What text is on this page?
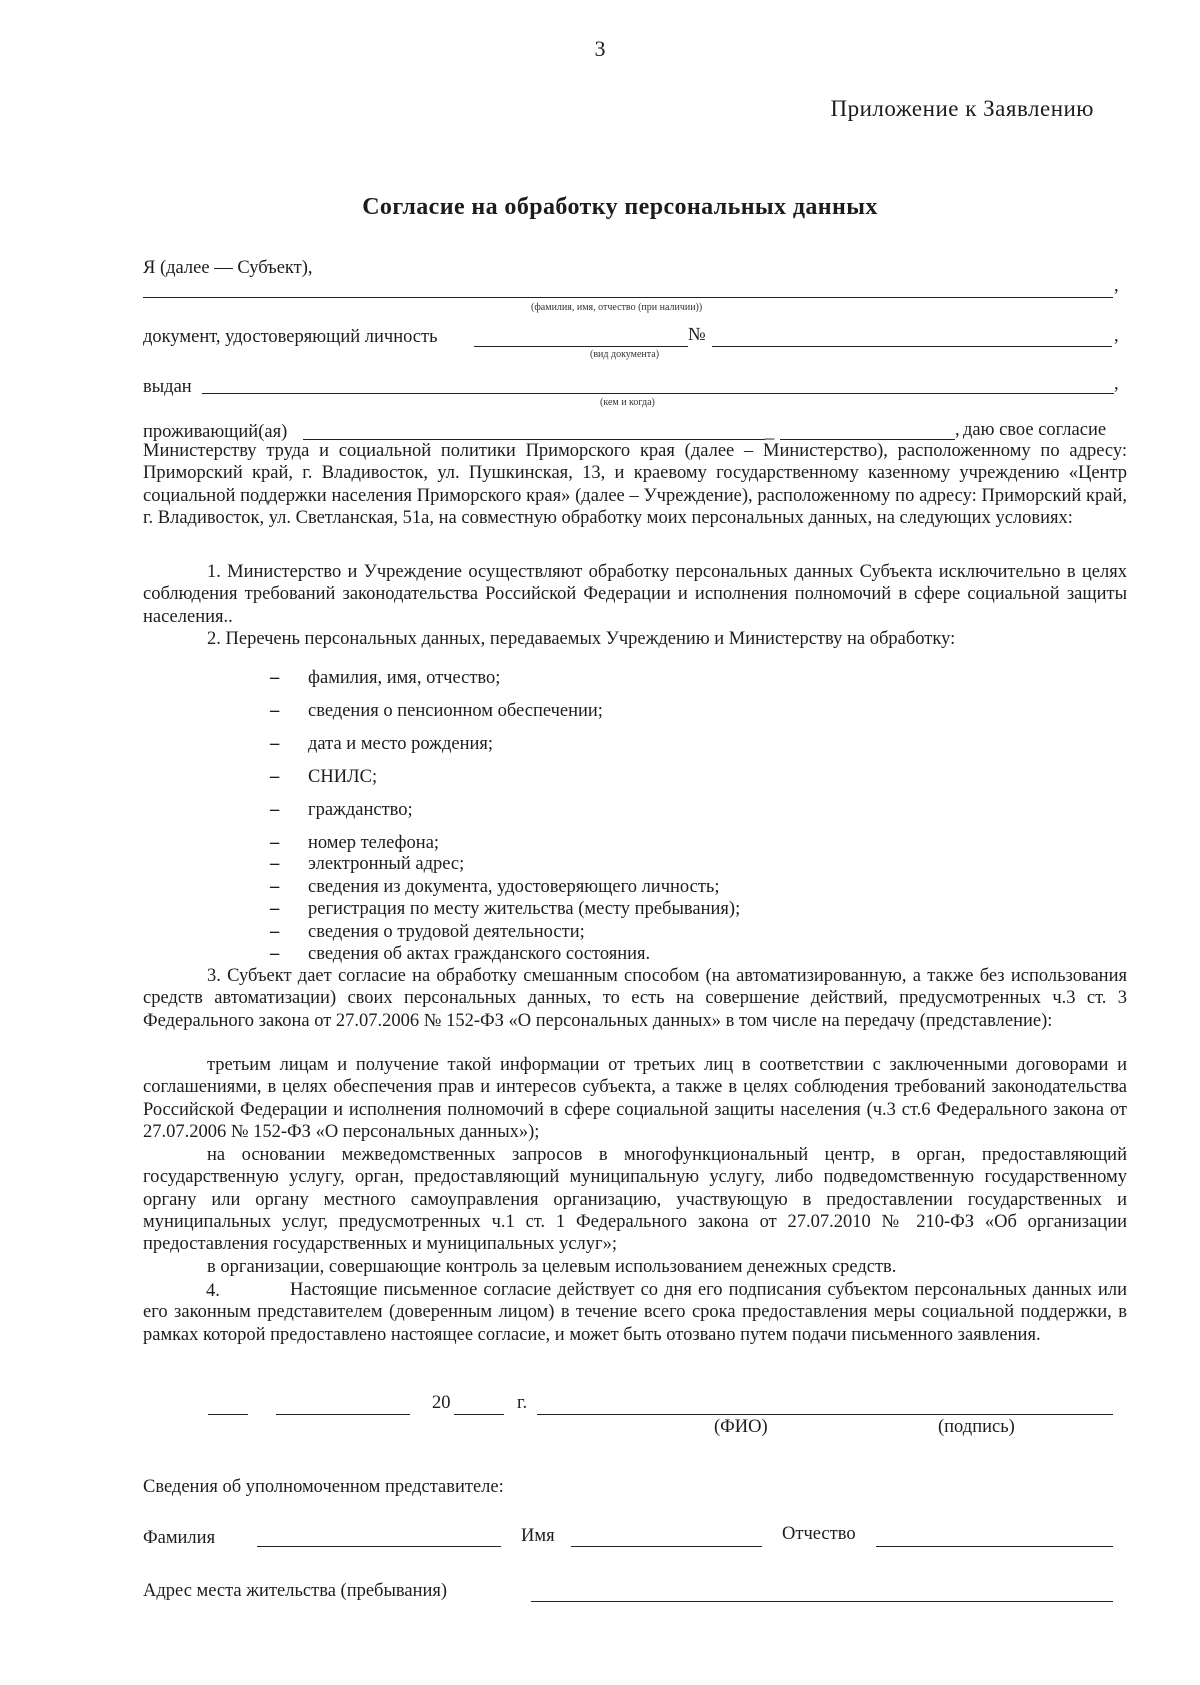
3
Приложение к Заявлению
Согласие на обработку персональных данных
Я (далее — Субъект),
,
(фамилия, имя, отчество (при наличии))
документ, удостоверяющий личность	№	,
(вид документа)
выдан	,
(кем и когда)
проживающий(ая)	_	, даю свое согласие
Министерству труда и социальной политики Приморского края (далее – Министерство), расположенному по адресу: Приморский край, г. Владивосток, ул. Пушкинская, 13, и краевому государственному казенному учреждению «Центр социальной поддержки населения Приморского края» (далее – Учреждение), расположенному по адресу: Приморский край, г. Владивосток, ул. Светланская, 51а, на совместную обработку моих персональных данных, на следующих условиях:
1. Министерство и Учреждение осуществляют обработку персональных данных Субъекта исключительно в целях соблюдения требований законодательства Российской Федерации и исполнения полномочий в сфере социальной защиты населения..
2. Перечень персональных данных, передаваемых Учреждению и Министерству на обработку:
– фамилия, имя, отчество;
– сведения о пенсионном обеспечении;
– дата и место рождения;
– СНИЛС;
– гражданство;
– номер телефона;
– электронный адрес;
– сведения из документа, удостоверяющего личность;
– регистрация по месту жительства (месту пребывания);
– сведения о трудовой деятельности;
– сведения об актах гражданского состояния.
3. Субъект дает согласие на обработку смешанным способом (на автоматизированную, а также без использования средств автоматизации) своих персональных данных, то есть на совершение действий, предусмотренных ч.3 ст. 3 Федерального закона от 27.07.2006 № 152-ФЗ «О персональных данных» в том числе на передачу (представление):
третьим лицам и получение такой информации от третьих лиц в соответствии с заключенными договорами и соглашениями, в целях обеспечения прав и интересов субъекта, а также в целях соблюдения требований законодательства Российской Федерации и исполнения полномочий в сфере социальной защиты населения (ч.3 ст.6 Федерального закона от 27.07.2006 № 152-ФЗ «О персональных данных»);
на основании межведомственных запросов в многофункциональный центр, в орган, предоставляющий государственную услугу, орган, предоставляющий муниципальную услугу, либо подведомственную государственному органу или органу местного самоуправления организацию, участвующую в предоставлении государственных и муниципальных услуг, предусмотренных ч.1 ст. 1 Федерального закона от 27.07.2010 № 210-ФЗ «Об организации предоставления государственных и муниципальных услуг»;
в организации, совершающие контроль за целевым использованием денежных средств.
4.	Настоящие письменное согласие действует со дня его подписания субъектом персональных данных или его законным представителем (доверенным лицом) в течение всего срока предоставления меры социальной поддержки, в рамках которой предоставлено настоящее согласие, и может быть отозвано путем подачи письменного заявления.
20	г.
(ФИО)	(подпись)
Сведения об уполномоченном представителе:
Фамилия	Имя	Отчество
Адрес места жительства (пребывания)
